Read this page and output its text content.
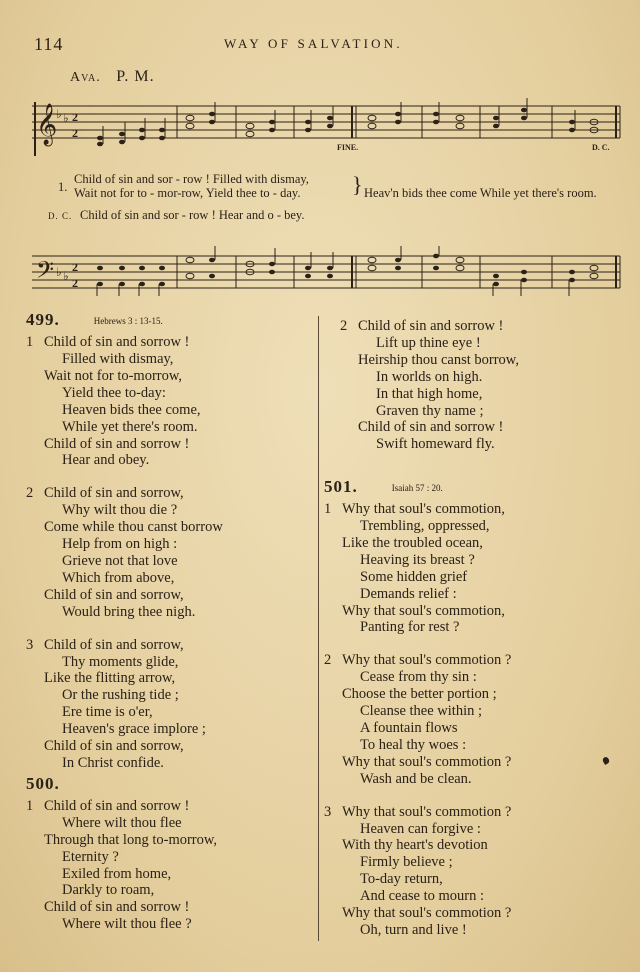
114	WAY OF SALVATION.
Ava. P. M.
𝄞
♭ ♭ 2
2
FINE.	D. C.
1.
Child of sin and sor - row ! Filled with dismay,
Wait not for to - mor-row, Yield thee to - day. } Heav'n bids thee come While yet there's room.
D. C. Child of sin and sor - row ! Hear and o - bey.
𝄢 ♭ ♭
2
2
499.	Hebrews 3 : 13-15.
1 Child of sin and sorrow !
Filled with dismay,
Wait not for to-morrow,
Yield thee to-day:
Heaven bids thee come,
While yet there's room.
Child of sin and sorrow !
Hear and obey.
2 Child of sin and sorrow,
Why wilt thou die ?
Come while thou canst borrow
Help from on high :
Grieve not that love
Which from above,
Child of sin and sorrow,
Would bring thee nigh.
3 Child of sin and sorrow,
Thy moments glide,
Like the flitting arrow,
Or the rushing tide ;
Ere time is o'er,
Heaven's grace implore ;
Child of sin and sorrow,
In Christ confide.
500.
1 Child of sin and sorrow !
Where wilt thou flee
Through that long to-morrow,
Eternity ?
Exiled from home,
Darkly to roam,
Child of sin and sorrow !
Where wilt thou flee ?
2 Child of sin and sorrow !
Lift up thine eye !
Heirship thou canst borrow,
In worlds on high.
In that high home,
Graven thy name ;
Child of sin and sorrow !
Swift homeward fly.
501.	Isaiah 57 : 20.
1 Why that soul's commotion,
Trembling, oppressed,
Like the troubled ocean,
Heaving its breast ?
Some hidden grief
Demands relief :
Why that soul's commotion,
Panting for rest ?
2 Why that soul's commotion ?
Cease from thy sin :
Choose the better portion ;
Cleanse thee within ;
A fountain flows
To heal thy woes :
Why that soul's commotion ?
Wash and be clean.
3 Why that soul's commotion ?
Heaven can forgive :
With thy heart's devotion
Firmly believe ;
To-day return,
And cease to mourn :
Why that soul's commotion ?
Oh, turn and live !
